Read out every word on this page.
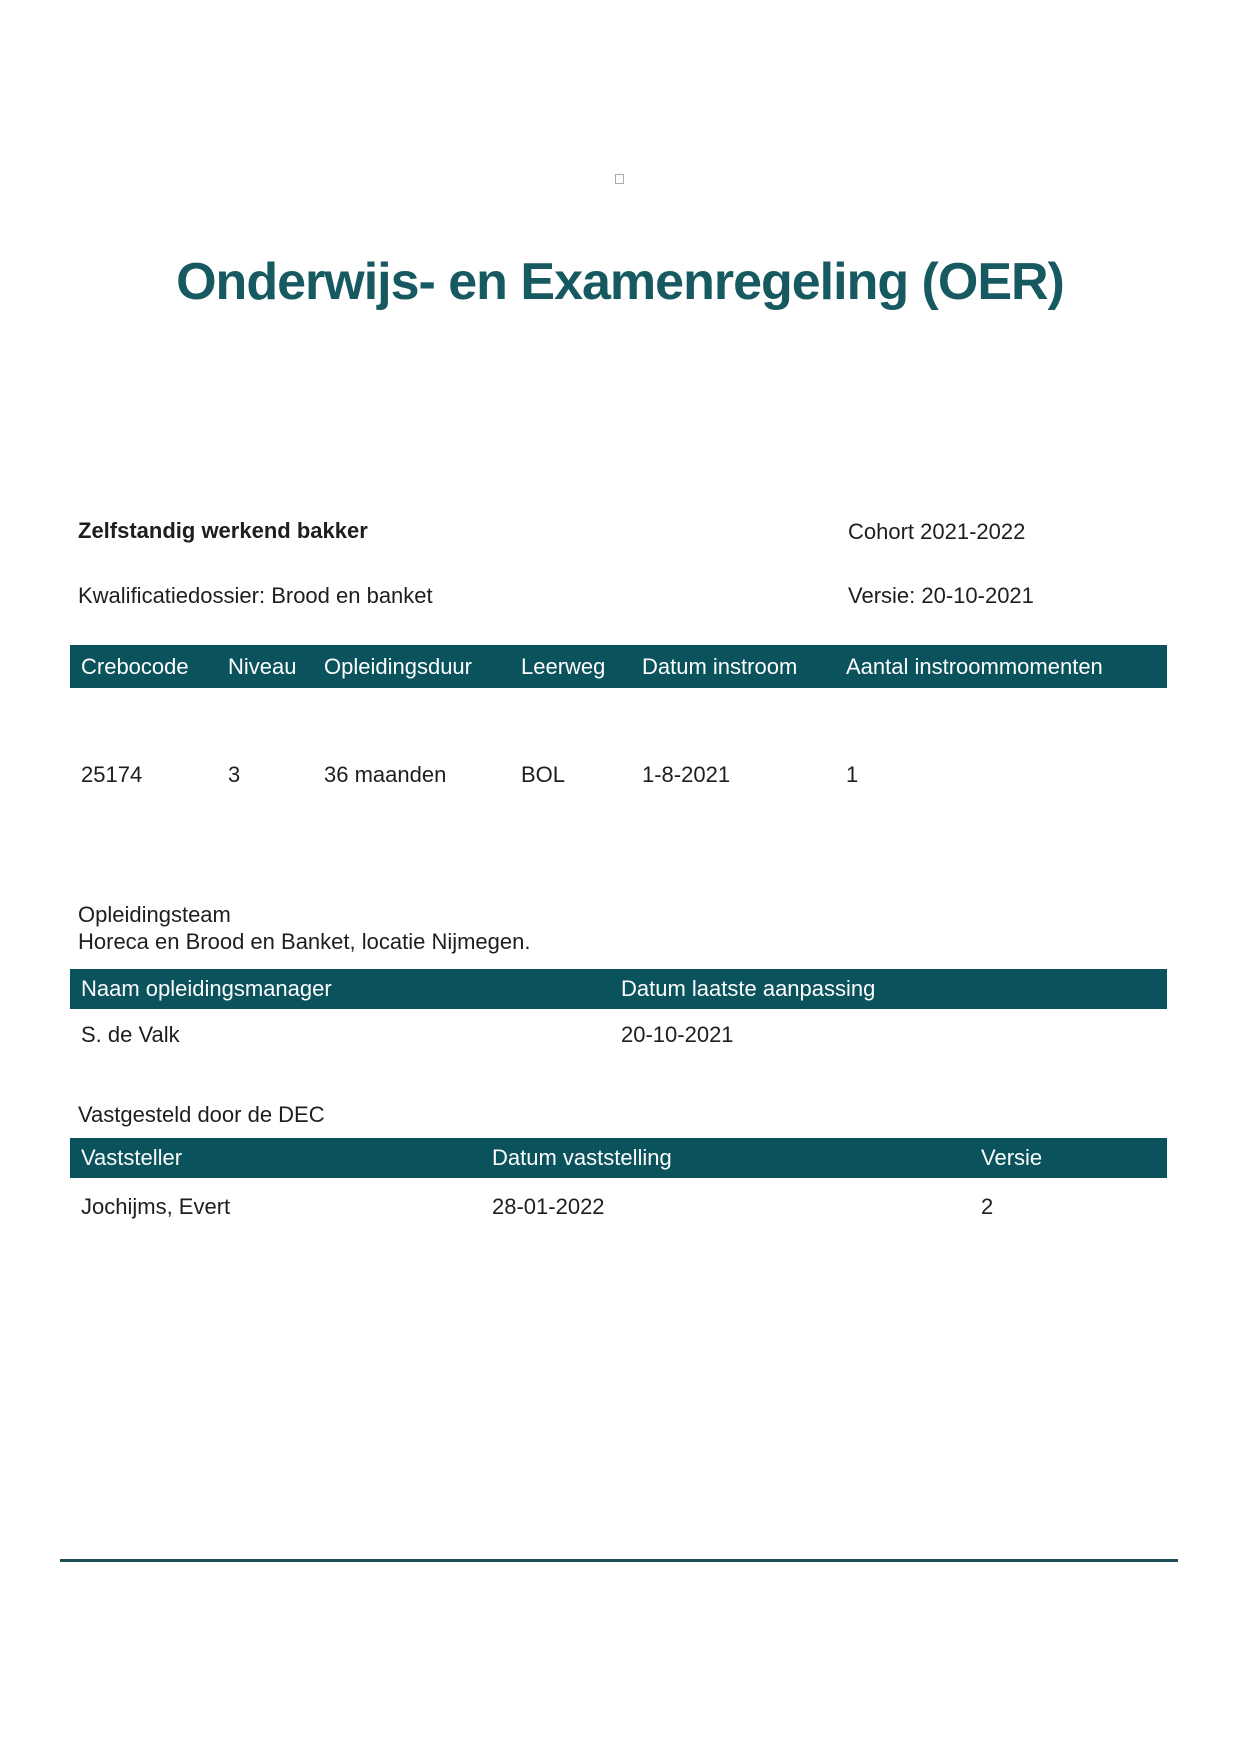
Onderwijs- en Examenregeling (OER)
Zelfstandig werkend bakker	Cohort 2021-2022
Kwalificatiedossier: Brood en banket	Versie: 20-10-2021
Crebocode	Niveau	Opleidingsduur	Leerweg	Datum instroom	Aantal instroommomenten
25174	3	36 maanden	BOL	1-8-2021	1
Opleidingsteam
Horeca en Brood en Banket, locatie Nijmegen.
Naam opleidingsmanager	Datum laatste aanpassing
S. de Valk	20-10-2021
Vastgesteld door de DEC
Vaststeller	Datum vaststelling	Versie
Jochijms, Evert	28-01-2022	2
